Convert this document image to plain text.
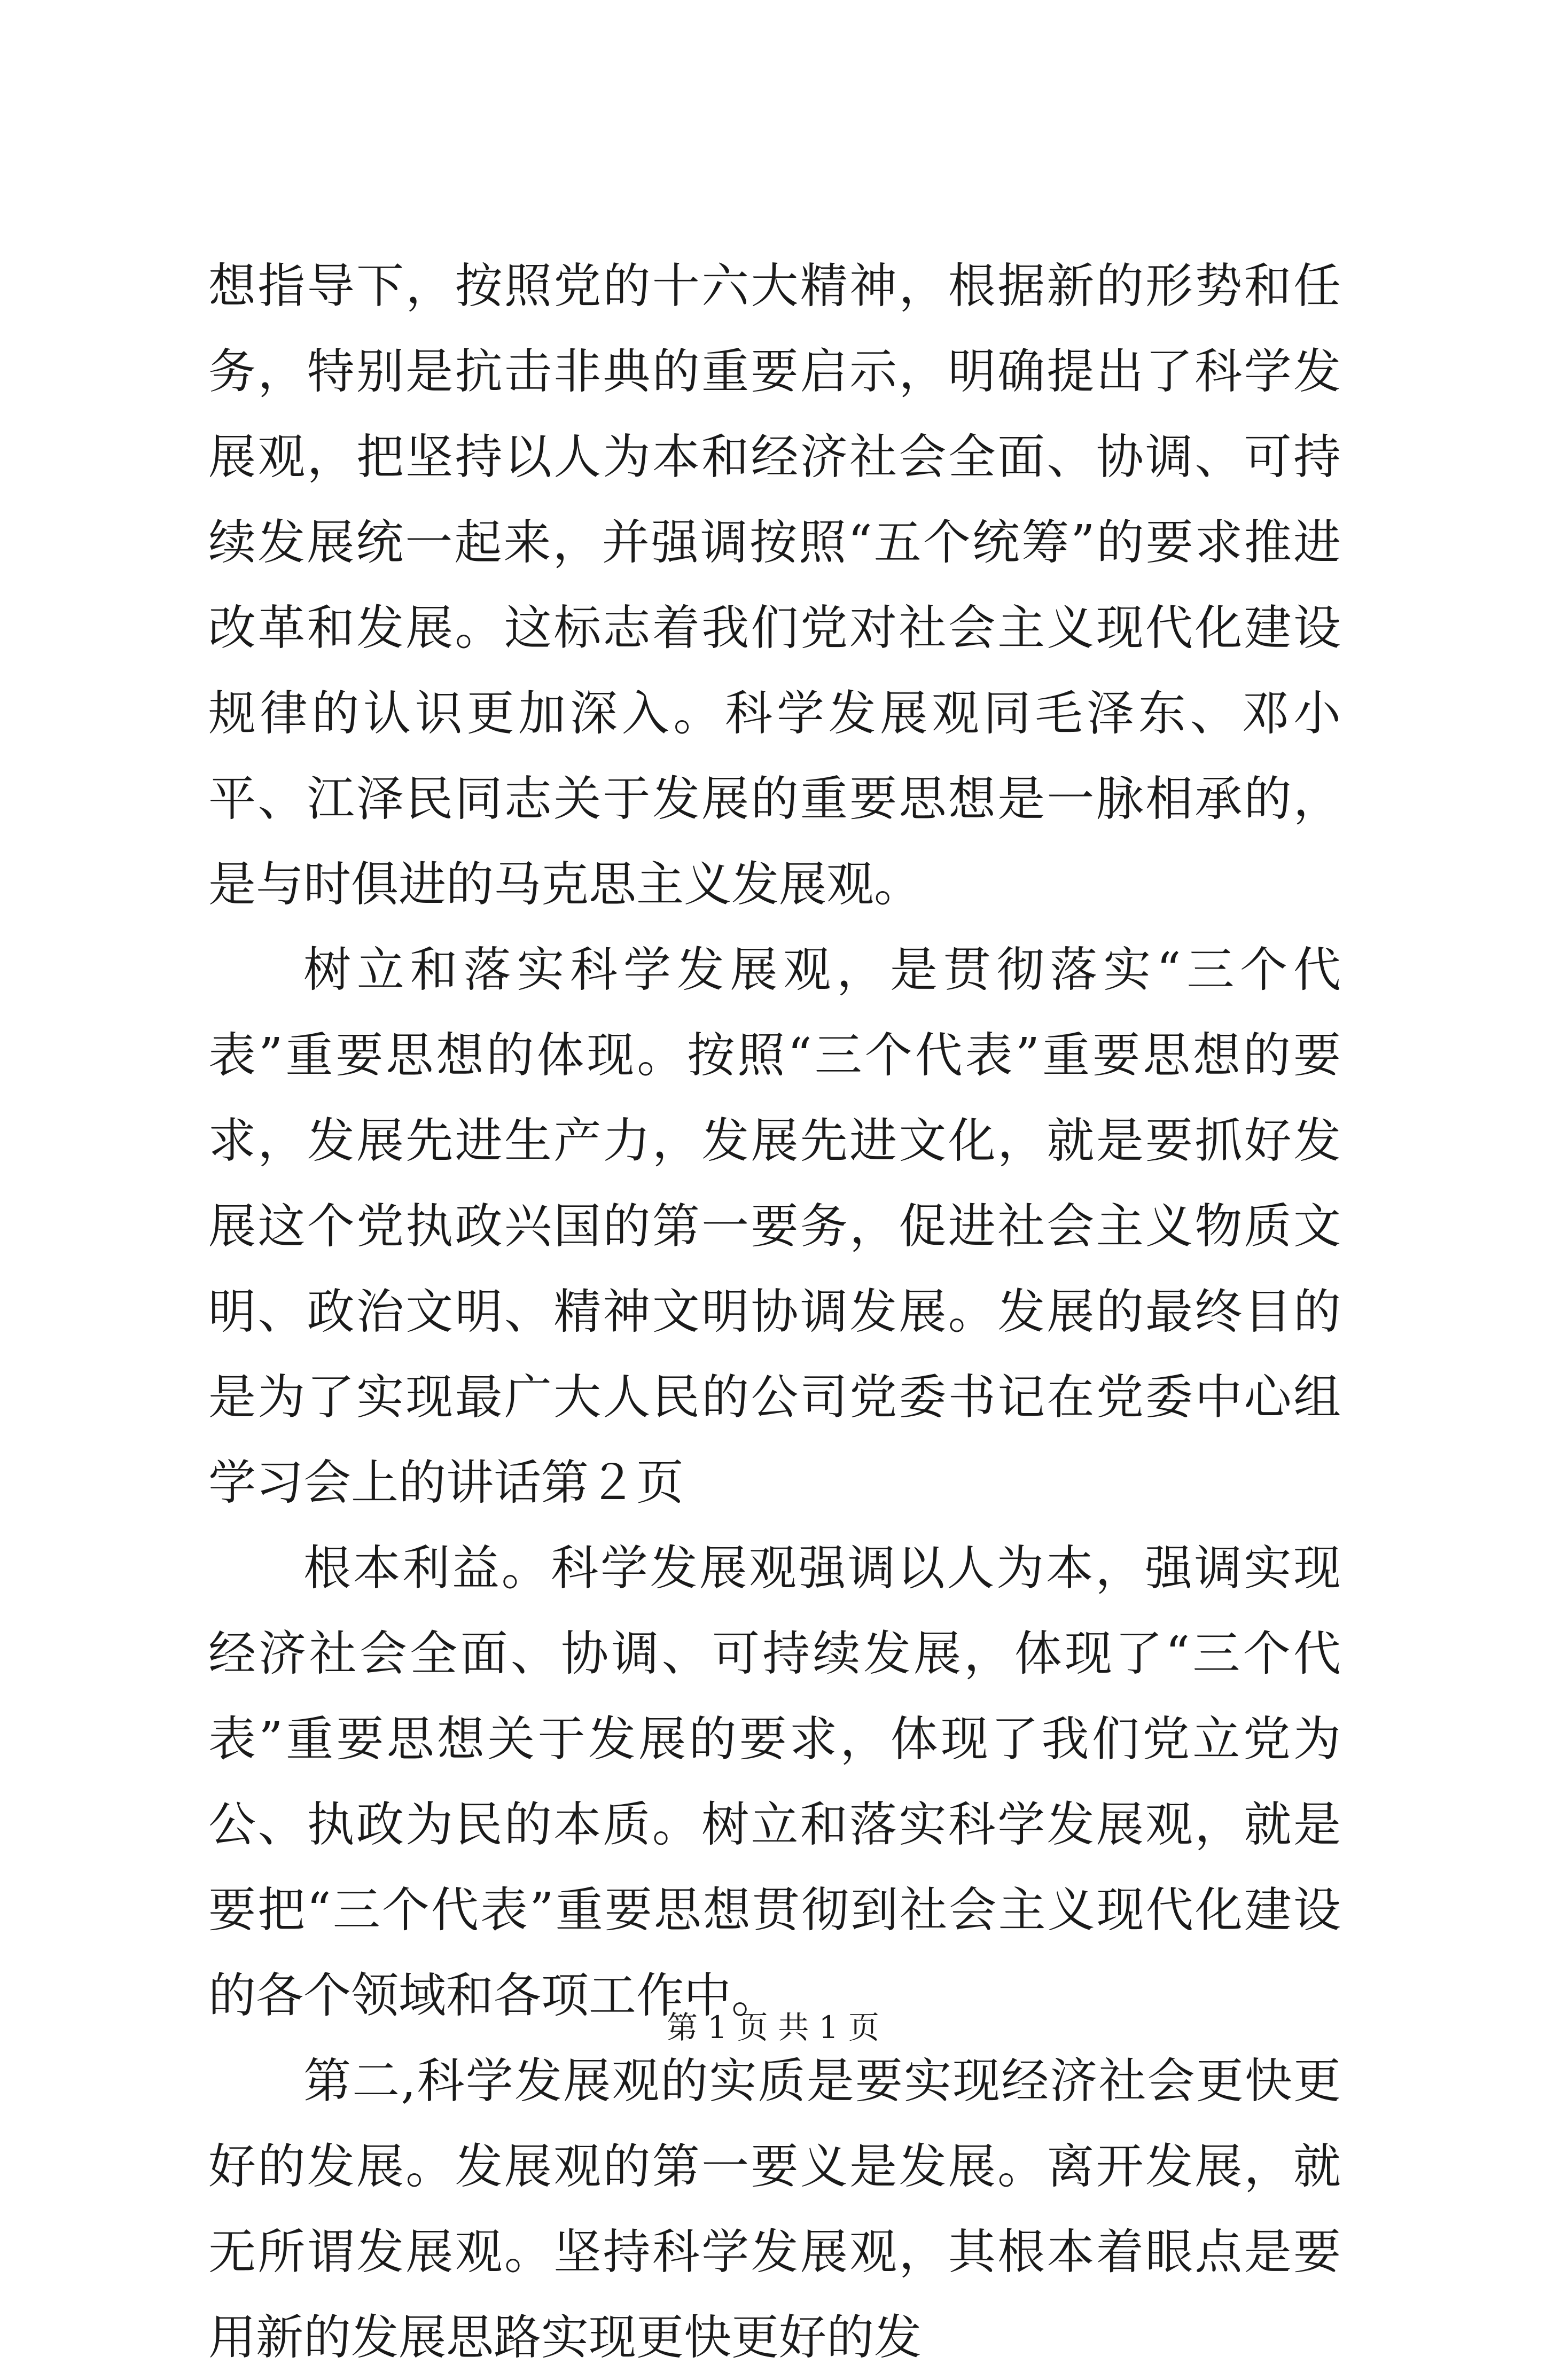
想指导下，按照党的十六大精神，根据新的形势和任务，特别是抗击非典的重要启示，明确提出了科学发展观，把坚持以人为本和经济社会全面、协调、可持续发展统一起来，并强调按照“五个统筹”的要求推进改革和发展。这标志着我们党对社会主义现代化建设规律的认识更加深入。科学发展观同毛泽东、邓小平、江泽民同志关于发展的重要思想是一脉相承的，是与时俱进的马克思主义发展观。

树立和落实科学发展观，是贯彻落实“三个代表”重要思想的体现。按照“三个代表”重要思想的要求，发展先进生产力，发展先进文化，就是要抓好发展这个党执政兴国的第一要务，促进社会主义物质文明、政治文明、精神文明协调发展。发展的最终目的是为了实现最广大人民的公司党委书记在党委中心组学习会上的讲话第２页

根本利益。科学发展观强调以人为本，强调实现经济社会全面、协调、可持续发展，体现了“三个代表”重要思想关于发展的要求，体现了我们党立党为公、执政为民的本质。树立和落实科学发展观，就是要把“三个代表”重要思想贯彻到社会主义现代化建设的各个领域和各项工作中。

第二,科学发展观的实质是要实现经济社会更快更好的发展。发展观的第一要义是发展。离开发展，就无所谓发展观。坚持科学发展观，其根本着眼点是要用新的发展思路实现更快更好的发

第 1 页 共 1 页
